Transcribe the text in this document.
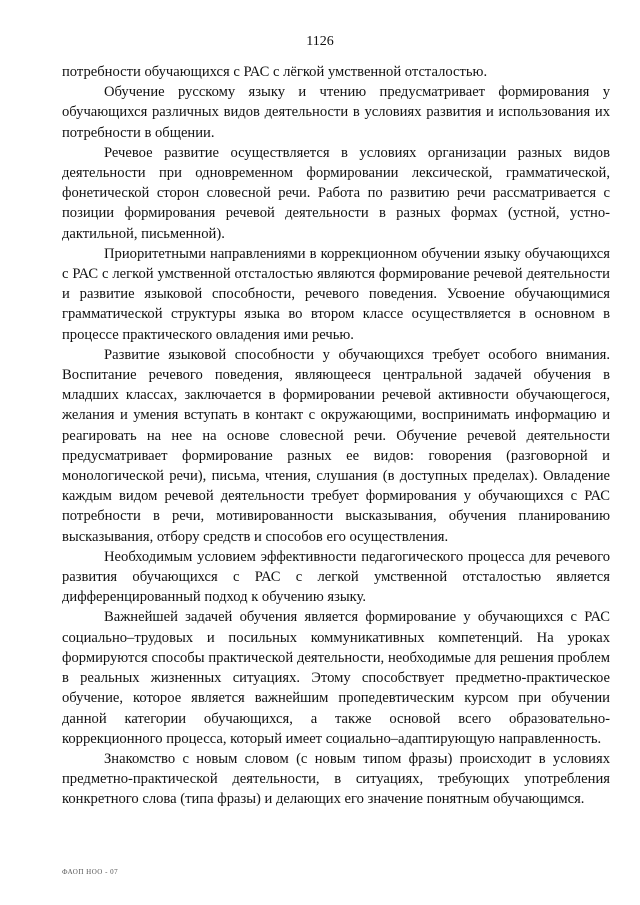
1126

потребности обучающихся с РАС с лёгкой умственной отсталостью.

Обучение русскому языку и чтению предусматривает формирования у обучающихся различных видов деятельности в условиях развития и использования их потребности в общении.

Речевое развитие осуществляется в условиях организации разных видов деятельности при одновременном формировании лексической, грамматической, фонетической сторон словесной речи. Работа по развитию речи рассматривается с позиции формирования речевой деятельности в разных формах (устной, устно-дактильной, письменной).

Приоритетными направлениями в коррекционном обучении языку обучающихся с РАС с легкой умственной отсталостью являются формирование речевой деятельности и развитие языковой способности, речевого поведения. Усвоение обучающимися грамматической структуры языка во втором классе осуществляется в основном в процессе практического овладения ими речью.

Развитие языковой способности у обучающихся требует особого внимания. Воспитание речевого поведения, являющееся центральной задачей обучения в младших классах, заключается в формировании речевой активности обучающегося, желания и умения вступать в контакт с окружающими, воспринимать информацию и реагировать на нее на основе словесной речи. Обучение речевой деятельности предусматривает формирование разных ее видов: говорения (разговорной и монологической речи), письма, чтения, слушания (в доступных пределах). Овладение каждым видом речевой деятельности требует формирования у обучающихся с РАС потребности в речи, мотивированности высказывания, обучения планированию высказывания, отбору средств и способов его осуществления.

Необходимым условием эффективности педагогического процесса для речевого развития обучающихся с РАС с легкой умственной отсталостью является дифференцированный подход к обучению языку.

Важнейшей задачей обучения является формирование у обучающихся с РАС социально–трудовых и посильных коммуникативных компетенций. На уроках формируются способы практической деятельности, необходимые для решения проблем в реальных жизненных ситуациях. Этому способствует предметно-практическое обучение, которое является важнейшим пропедевтическим курсом при обучении данной категории обучающихся, а также основой всего образовательно-коррекционного процесса, который имеет социально–адаптирующую направленность.

Знакомство с новым словом (с новым типом фразы) происходит в условиях предметно-практической деятельности, в ситуациях, требующих употребления конкретного слова (типа фразы) и делающих его значение понятным обучающимся.

ФАОП НОО - 07
